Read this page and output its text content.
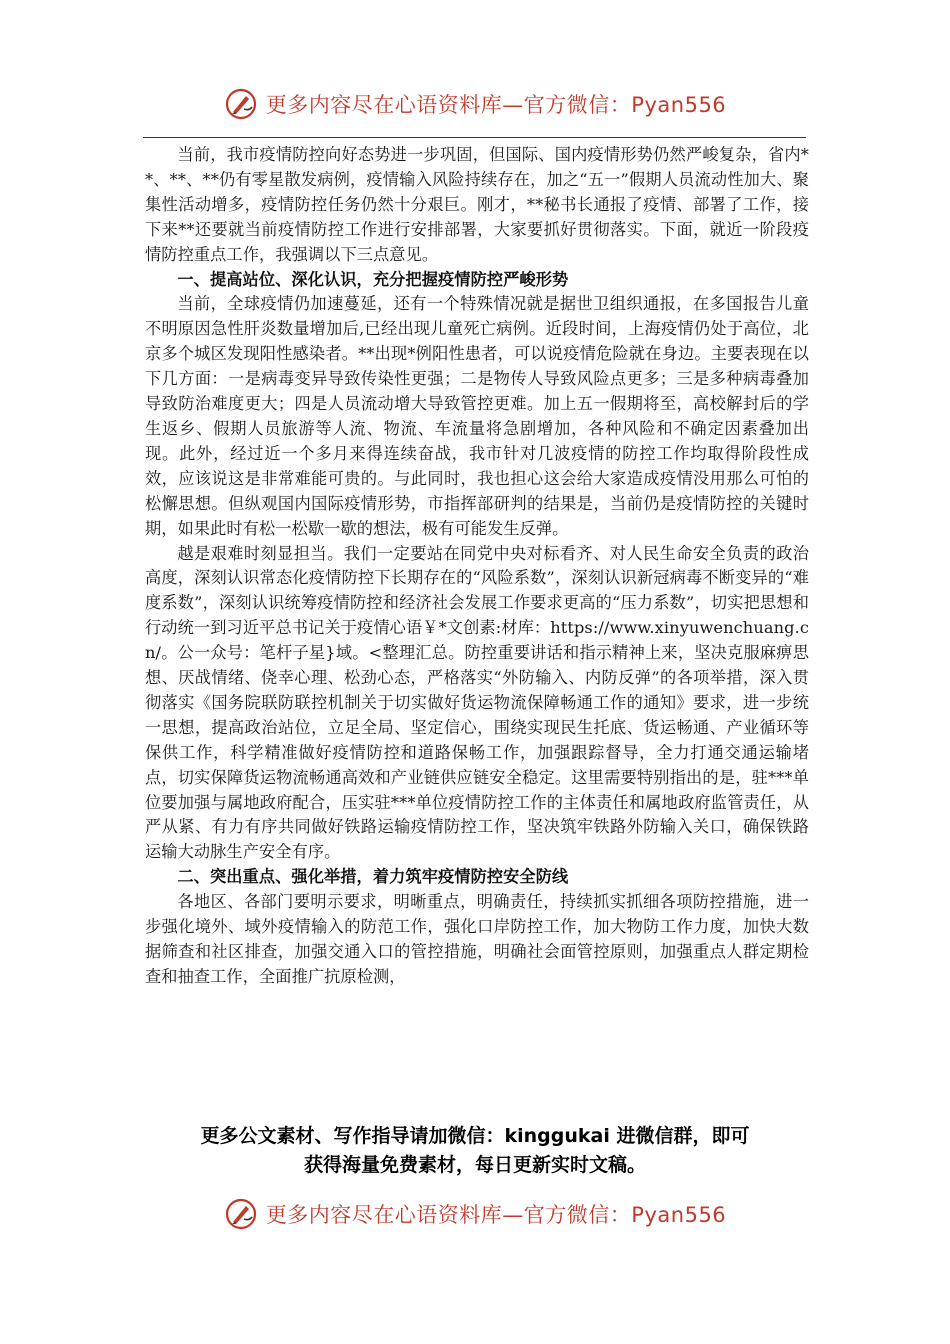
更多内容尽在心语资料库—官方微信：Pyan556

当前，我市疫情防控向好态势进一步巩固，但国际、国内疫情形势仍然严峻复杂，省内**、**、**仍有零星散发病例，疫情输入风险持续存在，加之“五一”假期人员流动性加大、聚集性活动增多，疫情防控任务仍然十分艰巨。刚才，**秘书长通报了疫情、部署了工作，接下来**还要就当前疫情防控工作进行安排部署，大家要抓好贯彻落实。下面，就近一阶段疫情防控重点工作，我强调以下三点意见。

一、提高站位、深化认识，充分把握疫情防控严峻形势

当前，全球疫情仍加速蔓延，还有一个特殊情况就是据世卫组织通报，在多国报告儿童不明原因急性肝炎数量增加后,已经出现儿童死亡病例。近段时间，上海疫情仍处于高位，北京多个城区发现阳性感染者。**出现*例阳性患者，可以说疫情危险就在身边。主要表现在以下几方面：一是病毒变异导致传染性更强；二是物传人导致风险点更多；三是多种病毒叠加导致防治难度更大；四是人员流动增大导致管控更难。加上五一假期将至，高校解封后的学生返乡、假期人员旅游等人流、物流、车流量将急剧增加，各种风险和不确定因素叠加出现。此外，经过近一个多月来得连续奋战，我市针对几波疫情的防控工作均取得阶段性成效，应该说这是非常难能可贵的。与此同时，我也担心这会给大家造成疫情没用那么可怕的松懈思想。但纵观国内国际疫情形势，市指挥部研判的结果是，当前仍是疫情防控的关键时期，如果此时有松一松歇一歇的想法，极有可能发生反弹。

越是艰难时刻显担当。我们一定要站在同党中央对标看齐、对人民生命安全负责的政治高度，深刻认识常态化疫情防控下长期存在的“风险系数”，深刻认识新冠病毒不断变异的“难度系数”，深刻认识统筹疫情防控和经济社会发展工作要求更高的“压力系数”，切实把思想和行动统一到习近平总书记关于疫情心语￥*文创素:材库：https://www.xinyuwenchuang.cn/。公一众号：笔杆子星}域。<整理汇总。防控重要讲话和指示精神上来，坚决克服麻痹思想、厌战情绪、侥幸心理、松劲心态，严格落实“外防输入、内防反弹”的各项举措，深入贯彻落实《国务院联防联控机制关于切实做好货运物流保障畅通工作的通知》要求，进一步统一思想，提高政治站位，立足全局、坚定信心，围绕实现民生托底、货运畅通、产业循环等保供工作，科学精准做好疫情防控和道路保畅工作，加强跟踪督导，全力打通交通运输堵点，切实保障货运物流畅通高效和产业链供应链安全稳定。这里需要特别指出的是，驻***单位要加强与属地政府配合，压实驻***单位疫情防控工作的主体责任和属地政府监管责任，从严从紧、有力有序共同做好铁路运输疫情防控工作，坚决筑牢铁路外防输入关口，确保铁路运输大动脉生产安全有序。

二、突出重点、强化举措，着力筑牢疫情防控安全防线

各地区、各部门要明示要求，明晰重点，明确责任，持续抓实抓细各项防控措施，进一步强化境外、域外疫情输入的防范工作，强化口岸防控工作，加大物防工作力度，加快大数据筛查和社区排查，加强交通入口的管控措施，明确社会面管控原则，加强重点人群定期检查和抽查工作，全面推广抗原检测，

更多公文素材、写作指导请加微信：kinggukai 进微信群，即可
获得海量免费素材，每日更新实时文稿。
更多内容尽在心语资料库—官方微信：Pyan556
